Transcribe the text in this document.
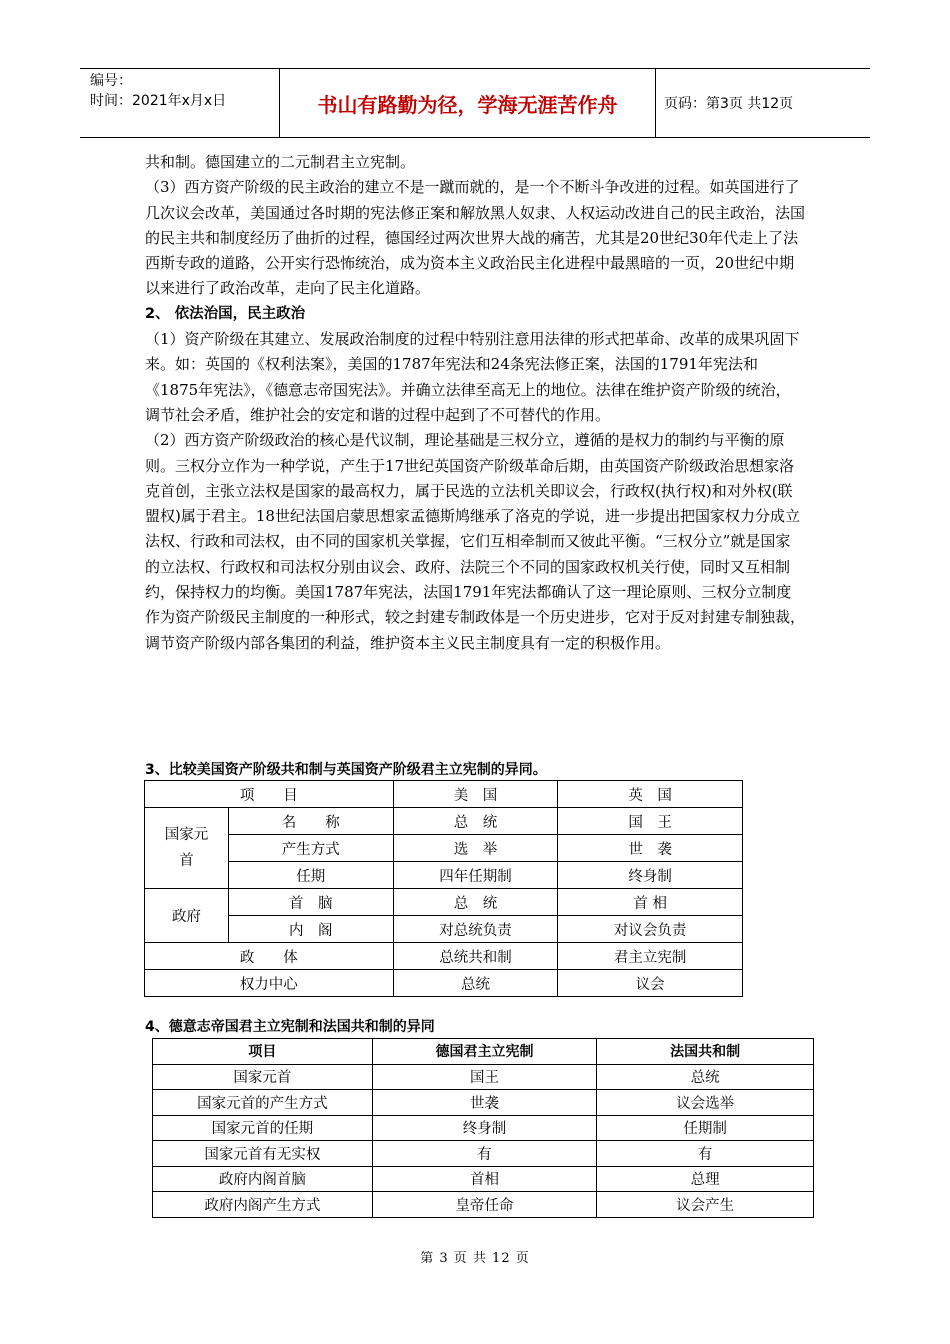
编号：
时间：2021年x月x日	书山有路勤为径，学海无涯苦作舟	页码：第3页 共12页

共和制。德国建立的二元制君主立宪制。

（3）西方资产阶级的民主政治的建立不是一蹴而就的，是一个不断斗争改进的过程。如英国进行了几次议会改革，美国通过各时期的宪法修正案和解放黑人奴隶、人权运动改进自己的民主政治，法国的民主共和制度经历了曲折的过程，德国经过两次世界大战的痛苦，尤其是20世纪30年代走上了法西斯专政的道路，公开实行恐怖统治，成为资本主义政治民主化进程中最黑暗的一页，20世纪中期以来进行了政治改革，走向了民主化道路。

2、 依法治国，民主政治

（1）资产阶级在其建立、发展政治制度的过程中特别注意用法律的形式把革命、改革的成果巩固下来。如：英国的《权利法案》，美国的1787年宪法和24条宪法修正案，法国的1791年宪法和《1875年宪法》，《德意志帝国宪法》。并确立法律至高无上的地位。法律在维护资产阶级的统治，调节社会矛盾，维护社会的安定和谐的过程中起到了不可替代的作用。

（2）西方资产阶级政治的核心是代议制，理论基础是三权分立，遵循的是权力的制约与平衡的原则。三权分立作为一种学说，产生于17世纪英国资产阶级革命后期，由英国资产阶级政治思想家洛克首创，主张立法权是国家的最高权力，属于民选的立法机关即议会，行政权(执行权)和对外权(联盟权)属于君主。18世纪法国启蒙思想家孟德斯鸠继承了洛克的学说，进一步提出把国家权力分成立法权、行政和司法权，由不同的国家机关掌握，它们互相牵制而又彼此平衡。“三权分立”就是国家的立法权、行政权和司法权分别由议会、政府、法院三个不同的国家政权机关行使，同时又互相制约，保持权力的均衡。美国1787年宪法，法国1791年宪法都确认了这一理论原则、三权分立制度作为资产阶级民主制度的一种形式，较之封建专制政体是一个历史进步，它对于反对封建专制独裁，调节资产阶级内部各集团的利益，维护资本主义民主制度具有一定的积极作用。

3、比较美国资产阶级共和制与英国资产阶级君主立宪制的异同。
项　　目		美　国	英　国
国家元首	名　　称	总　统	国　王
	产生方式	选　举	世　袭
	任期	四年任期制	终身制
政府	首　脑	总　统	首 相
	内　阁	对总统负责	对议会负责
政　　体		总统共和制	君主立宪制
权力中心		总统	议会
4、德意志帝国君主立宪制和法国共和制的异同
项目	德国君主立宪制	法国共和制
国家元首	国王	总统
国家元首的产生方式	世袭	议会选举
国家元首的任期	终身制	任期制
国家元首有无实权	有	有
政府内阁首脑	首相	总理
政府内阁产生方式	皇帝任命	议会产生
第 3 页 共 12 页
